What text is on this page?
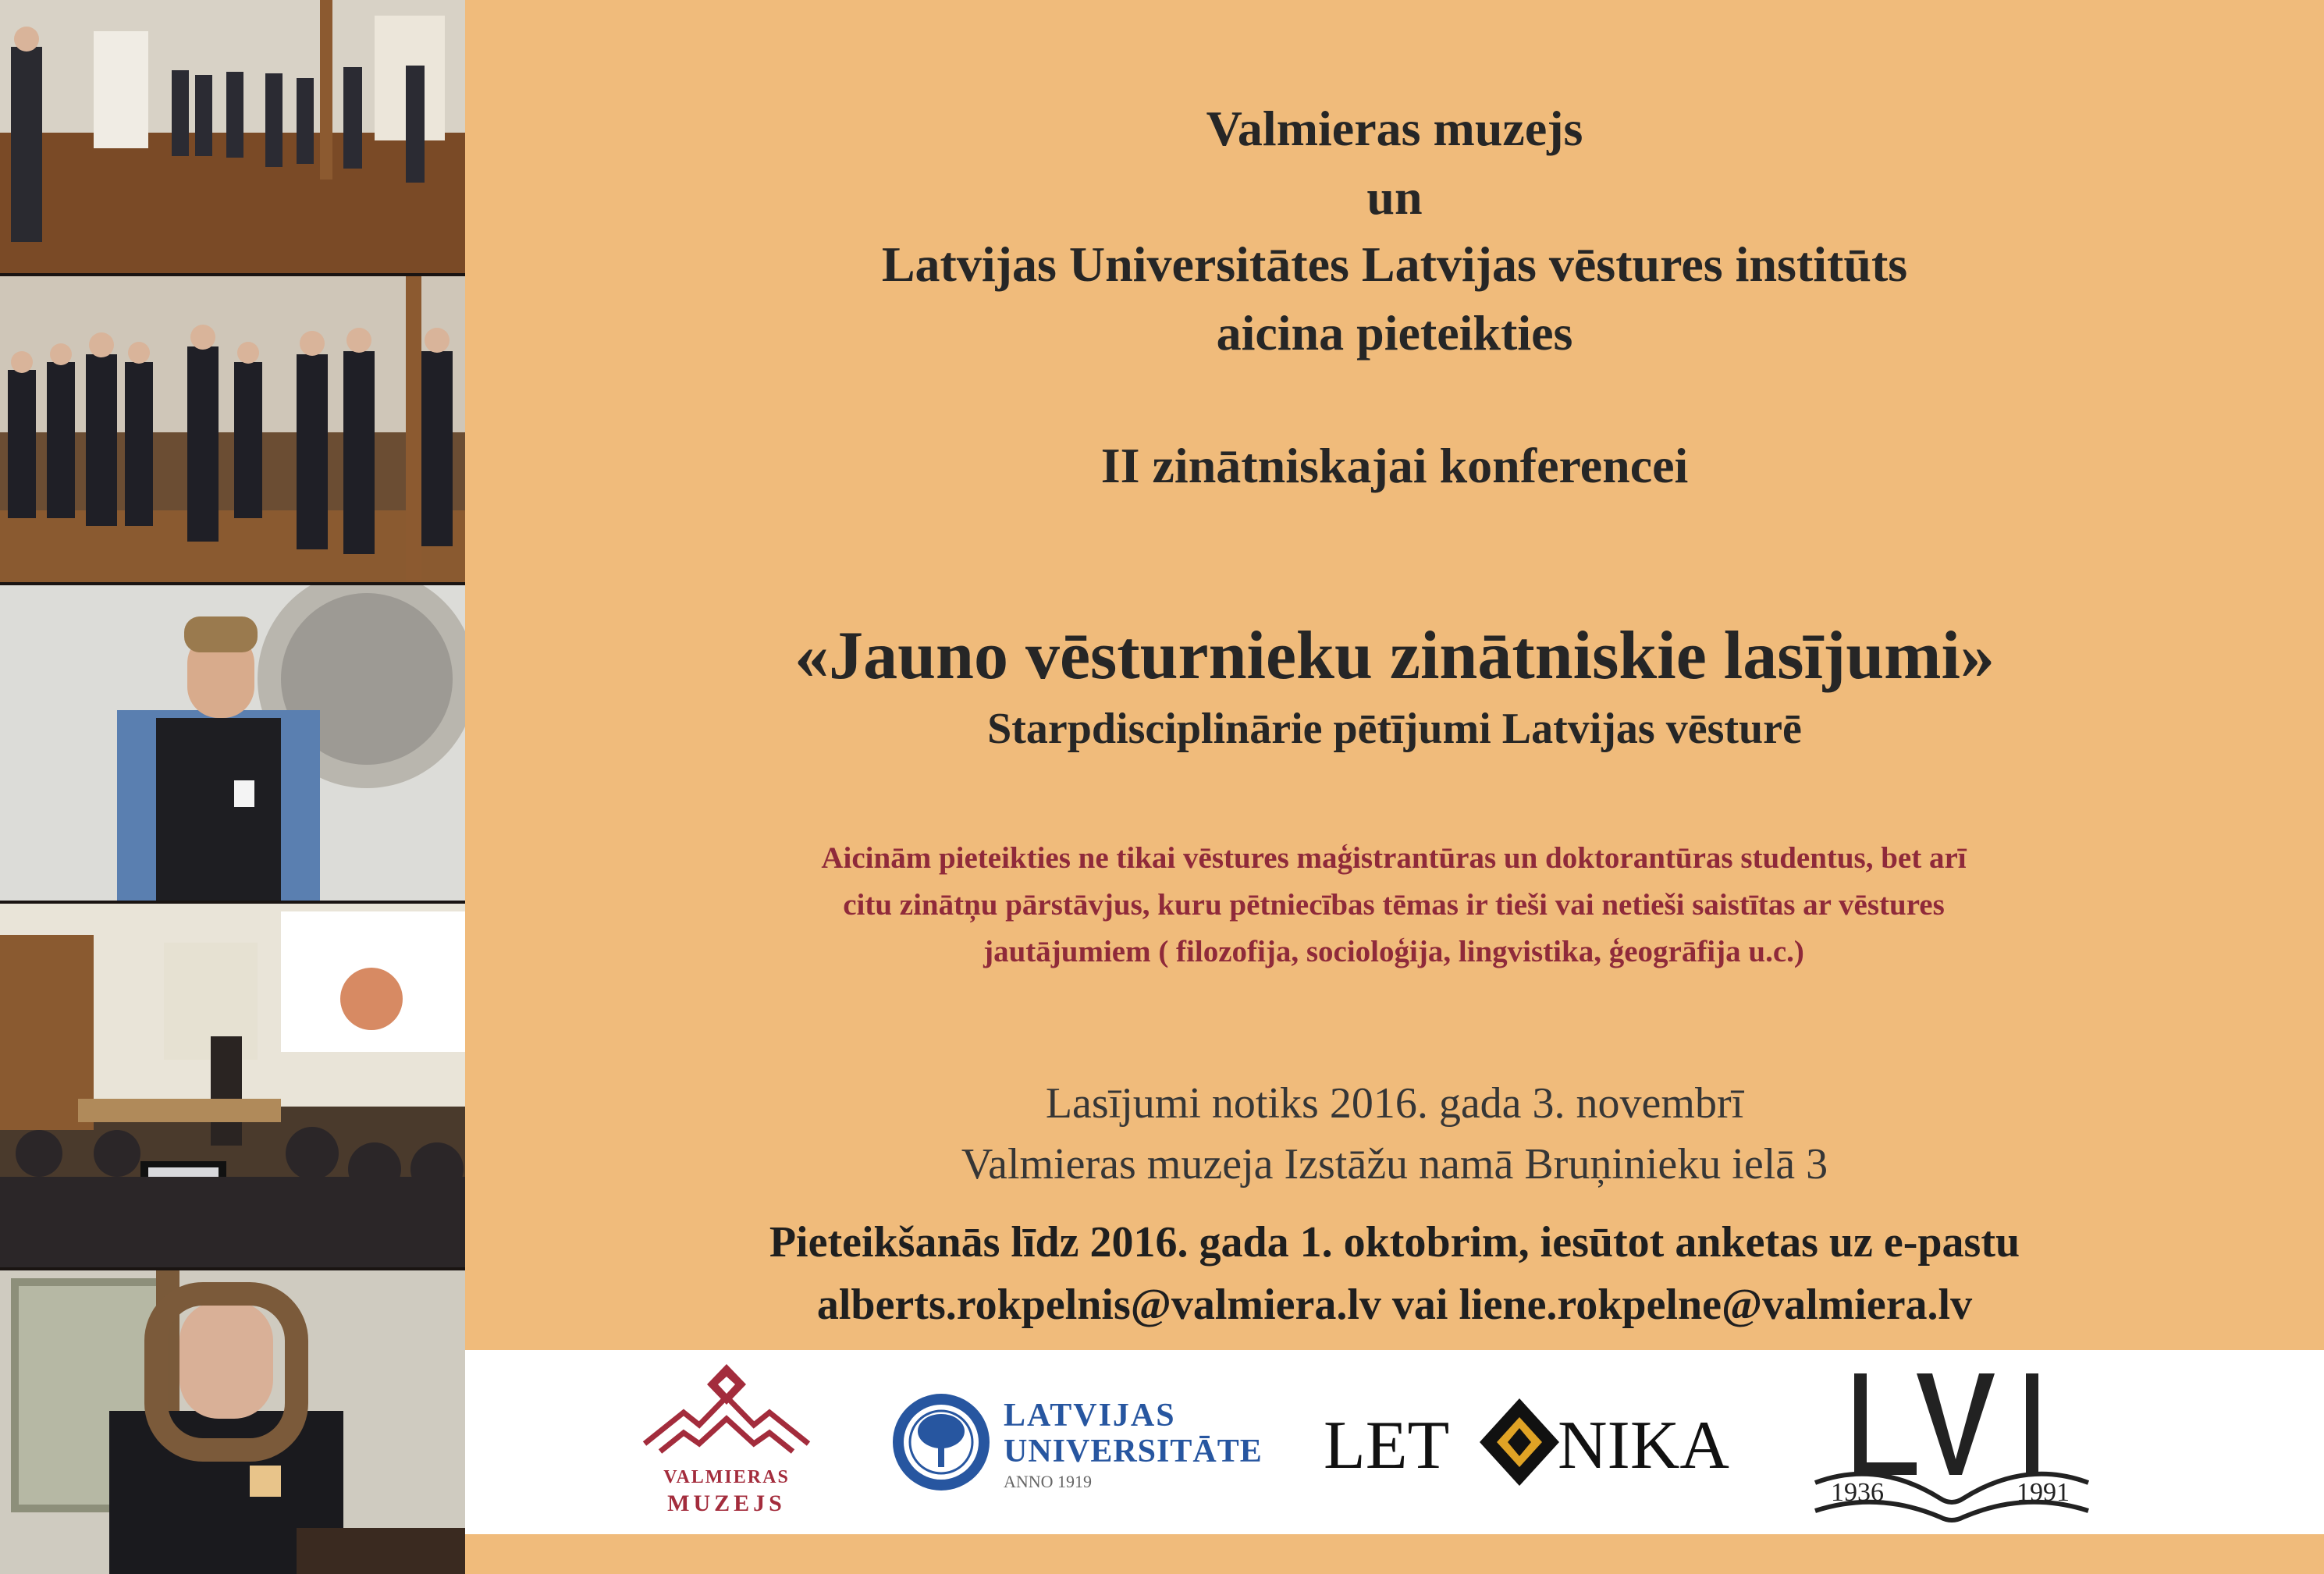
Valmieras muzejs
un
Latvijas Universitātes Latvijas vēstures institūts
aicina pieteikties
II zinātniskajai konferencei
«Jauno vēsturnieku zinātniskie lasījumi»
Starpdisciplinārie pētījumi Latvijas vēsturē
Aicinām pieteikties ne tikai vēstures maģistrantūras un doktorantūras studentus, bet arī
citu zinātņu pārstāvjus, kuru pētniecības tēmas ir tieši vai netieši saistītas ar vēstures
jautājumiem ( filozofija, socioloģija, lingvistika, ģeogrāfija u.c.)
Lasījumi notiks 2016. gada 3. novembrī
Valmieras muzeja Izstāžu namā Bruņinieku ielā 3
Pieteikšanās līdz 2016. gada 1. oktobrim, iesūtot anketas uz e-pastu
alberts.rokpelnis@valmiera.lv vai liene.rokpelne@valmiera.lv
VALMIERAS
MUZEJS
LATVIJAS
UNIVERSITĀTE
ANNO 1919	LET NIKA
1936	1991
